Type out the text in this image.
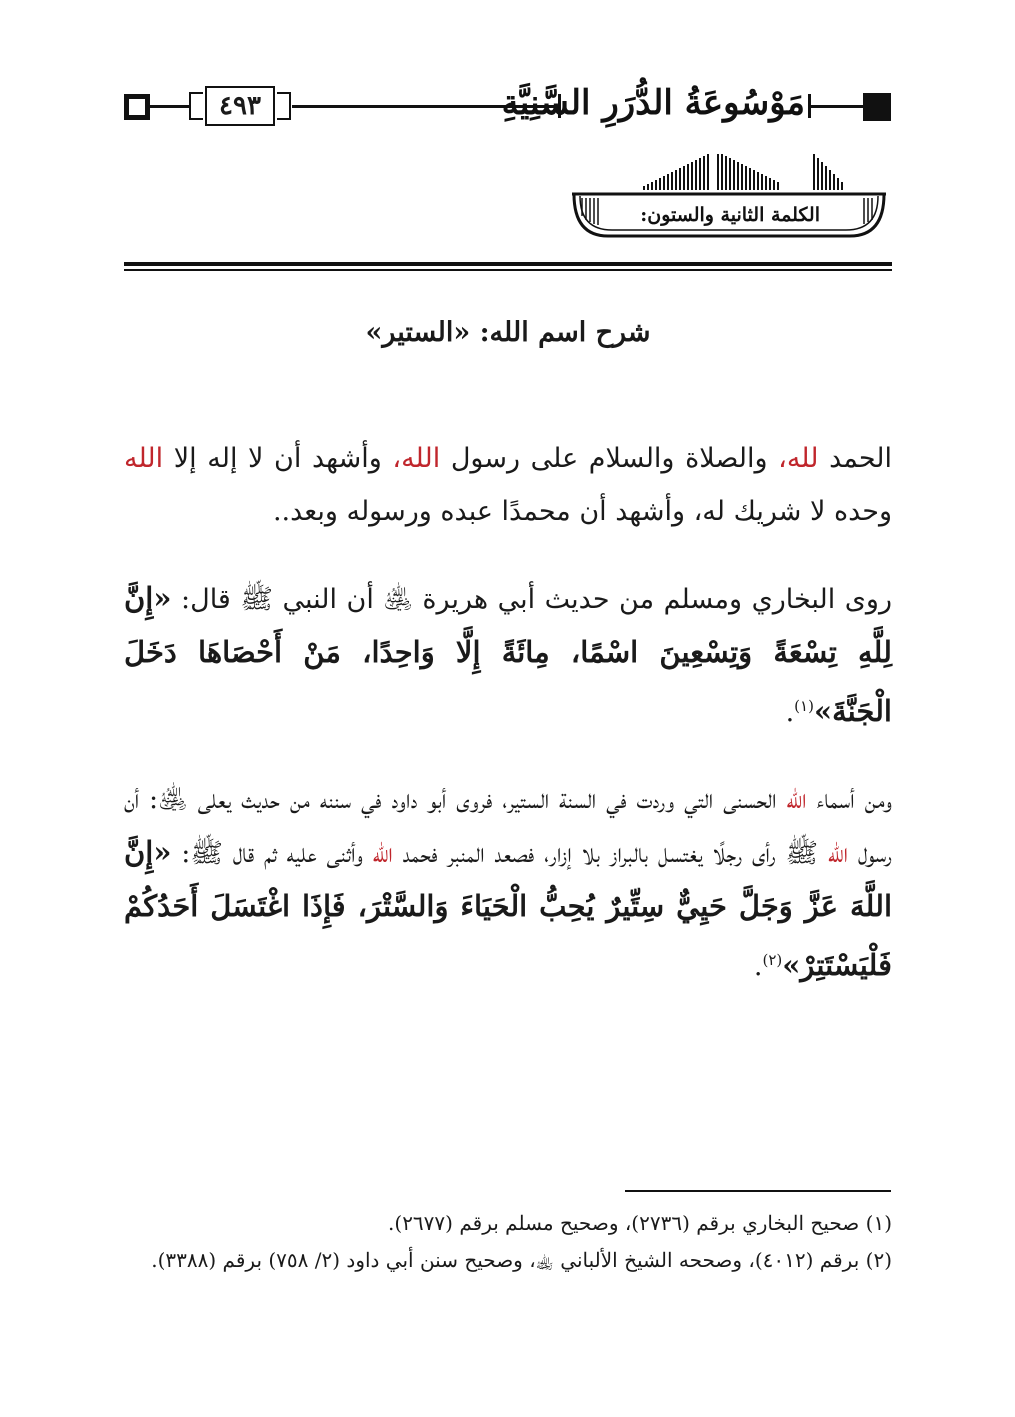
٤٩٣	مَوْسُوعَةُ الدُّرَرِ السَّنِيَّةِ
الكلمة الثانية والستون:
شرح اسم الله: «الستير»

الحمد لله، والصلاة والسلام على رسول الله، وأشهد أن لا إله إلا الله وحده لا شريك له، وأشهد أن محمدًا عبده ورسوله وبعد..

روى البخاري ومسلم من حديث أبي هريرة ﵁ أن النبي ﷺ قال: «إِنَّ لِلَّهِ تِسْعَةً وَتِسْعِينَ اسْمًا، مِائَةً إِلَّا وَاحِدًا، مَنْ أَحْصَاهَا دَخَلَ الْجَنَّةَ»$^{(١)}$.

ومن أسماء الله الحسنى التي وردت في السنة الستير، فروى أبو داود في سننه من حديث يعلى ﵁: أن رسول الله ﷺ رأى رجلًا يغتسل بالبراز بلا إزار، فصعد المنبر فحمد الله وأثنى عليه ثم قال ﷺ: «إِنَّ اللَّهَ عَزَّ وَجَلَّ حَيِيٌّ سِتِّيرٌ يُحِبُّ الْحَيَاءَ وَالسَّتْرَ، فَإِذَا اغْتَسَلَ أَحَدُكُمْ فَلْيَسْتَتِرْ»$^{(٢)}$.

(١) صحيح البخاري برقم (٢٧٣٦)، وصحيح مسلم برقم (٢٦٧٧).

(٢) برقم (٤٠١٢)، وصححه الشيخ الألباني ﵀، وصحيح سنن أبي داود (٢/ ٧٥٨) برقم (٣٣٨٨).
